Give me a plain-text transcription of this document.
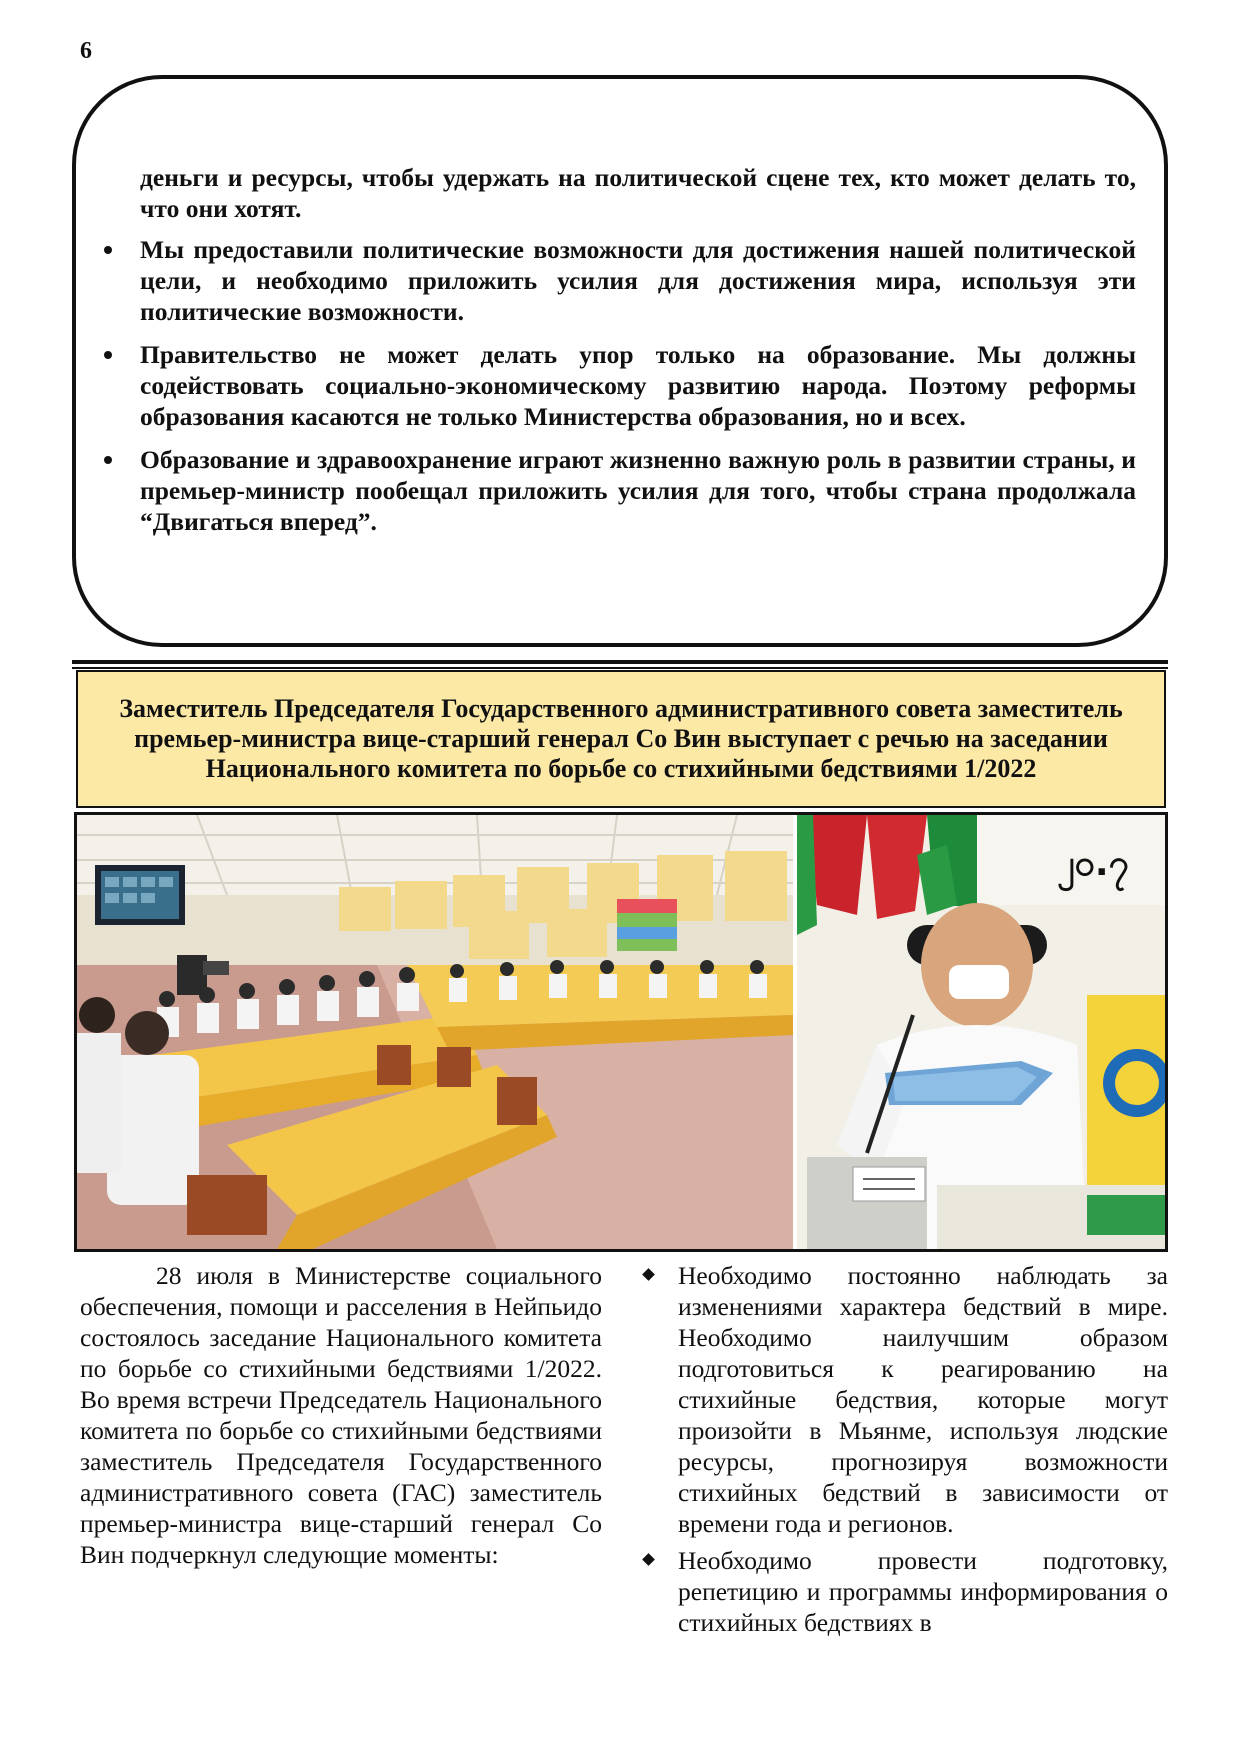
6

деньги и ресурсы, чтобы удержать на политической сцене тех, кто может делать то, что они хотят.

Мы предоставили политические возможности для достижения нашей политической цели, и необходимо приложить усилия для достижения мира, используя эти политические возможности.
Правительство не может делать упор только на образование. Мы должны содействовать социально-экономическому развитию народа. Поэтому реформы образования касаются не только Министерства образования, но и всех.
Образование и здравоохранение играют жизненно важную роль в развитии страны, и премьер-министр пообещал приложить усилия для того, чтобы страна продолжала “Двигаться вперед”.
Заместитель Председателя Государственного административного совета заместитель премьер-министра вице-старший генерал Со Вин выступает с речью на заседании Национального комитета по борьбе со стихийными бедствиями 1/2022
၂၀.၇

28 июля в Министерстве социального обеспечения, помощи и расселения в Нейпьидо состоялось заседание Национального комитета по борьбе со стихийными бедствиями 1/2022. Во время встречи Председатель Национального комитета по борьбе со стихийными бедствиями заместитель Председателя Государственного административного совета (ГАС) заместитель премьер-министра вице-старший генерал Со Вин подчеркнул следующие моменты:

Необходимо постоянно наблюдать за изменениями характера бедствий в мире. Необходимо наилучшим образом подготовиться к реагированию на стихийные бедствия, которые могут произойти в Мьянме, используя людские ресурсы, прогнозируя возможности стихийных бедствий в зависимости от времени года и регионов.
Необходимо провести подготовку, репетицию и программы информирования о стихийных бедствиях в
